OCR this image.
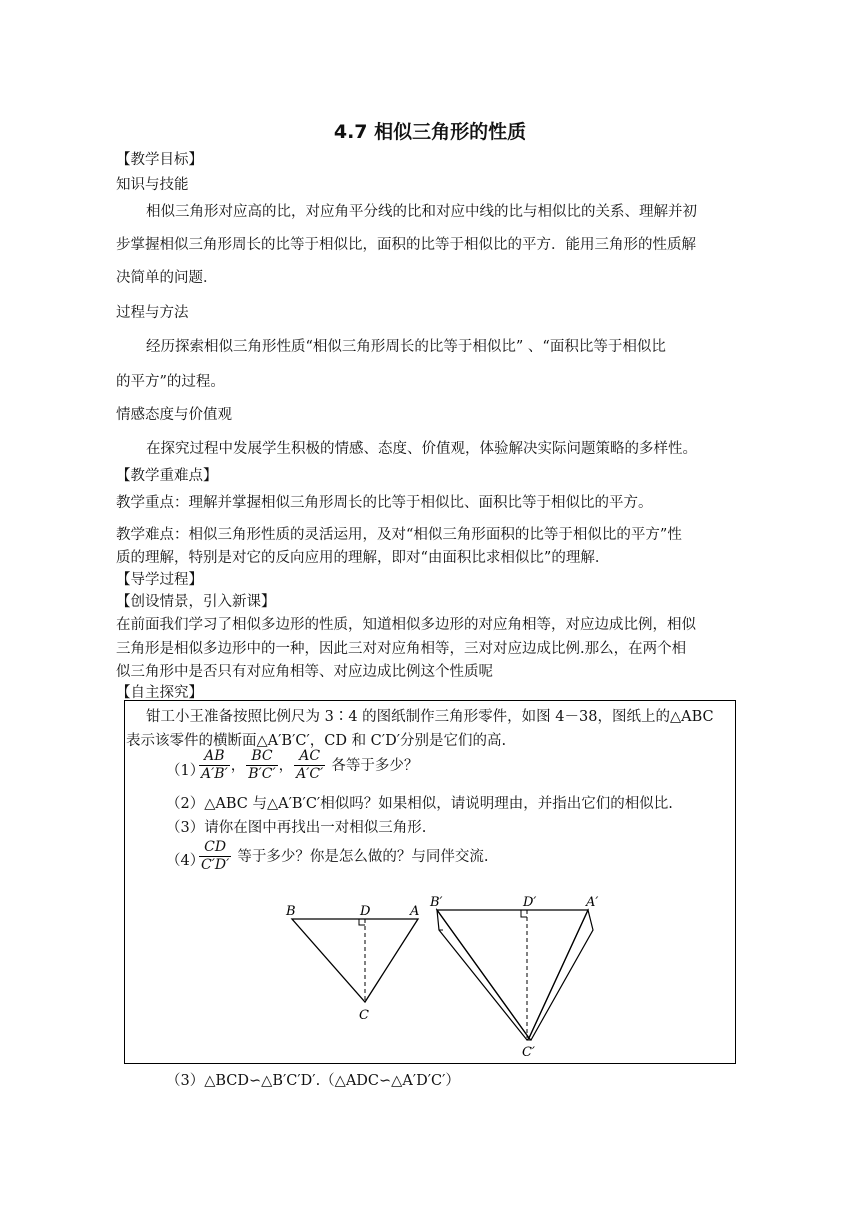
4.7 相似三角形的性质
【教学目标】
知识与技能
相似三角形对应高的比，对应角平分线的比和对应中线的比与相似比的关系、理解并初
步掌握相似三角形周长的比等于相似比，面积的比等于相似比的平方．能用三角形的性质解
决简单的问题．
过程与方法
经历探索相似三角形性质“相似三角形周长的比等于相似比” 、“面积比等于相似比
的平方”的过程。
情感态度与价值观
在探究过程中发展学生积极的情感、态度、价值观，体验解决实际问题策略的多样性。
【教学重难点】
教学重点：理解并掌握相似三角形周长的比等于相似比、面积比等于相似比的平方。
教学难点：相似三角形性质的灵活运用，及对“相似三角形面积的比等于相似比的平方”性
质的理解，特别是对它的反向应用的理解，即对“由面积比求相似比”的理解．
【导学过程】
【创设情景，引入新课】
在前面我们学习了相似多边形的性质，知道相似多边形的对应角相等，对应边成比例，相似
三角形是相似多边形中的一种，因此三对对应角相等，三对对应边成比例.那么，在两个相
似三角形中是否只有对应角相等、对应边成比例这个性质呢
【自主探究】
钳工小王准备按照比例尺为 3∶4 的图纸制作三角形零件，如图 4－38，图纸上的△ABC
表示该零件的横断面△A′B′C′，CD 和 C′D′分别是它们的高.
（1）
$\frac{AB}{A'B'}$ ， $\frac{BC}{B'C'}$ ， $\frac{AC}{A'C'}$ 各等于多少？
（2）△ABC 与△A′B′C′相似吗？如果相似，请说明理由，并指出它们的相似比.
（3）请你在图中再找出一对相似三角形.
（4）
$\frac{CD}{C'D'}$ 等于多少？你是怎么做的？与同伴交流.
B	D	A
C
B′	D′	A′
C′
（3）△BCD∽△B′C′D′.（△ADC∽△A′D′C′）
